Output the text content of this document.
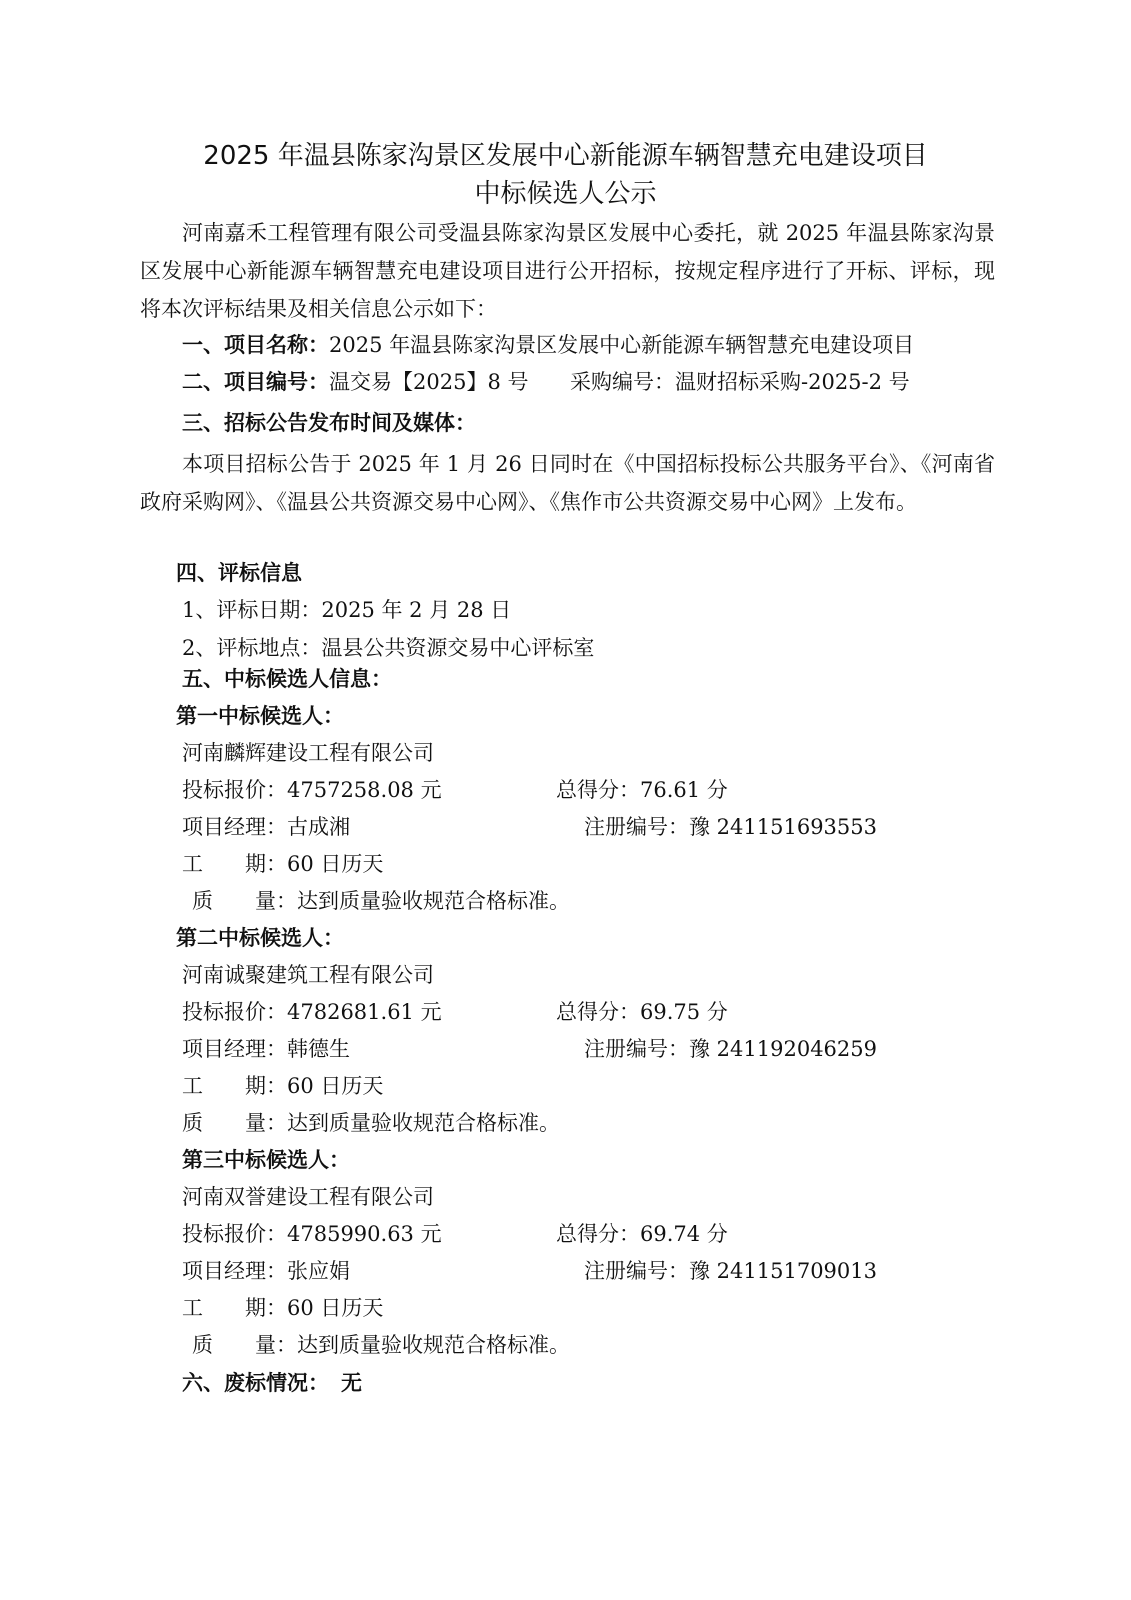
2025 年温县陈家沟景区发展中心新能源车辆智慧充电建设项目
中标候选人公示
河南嘉禾工程管理有限公司受温县陈家沟景区发展中心委托，就 2025 年温县陈家沟景区发展中心新能源车辆智慧充电建设项目进行公开招标，按规定程序进行了开标、评标，现将本次评标结果及相关信息公示如下：
一、项目名称：2025 年温县陈家沟景区发展中心新能源车辆智慧充电建设项目
二、项目编号：温交易【2025】8 号 采购编号：温财招标采购-2025-2 号
三、招标公告发布时间及媒体：
本项目招标公告于 2025 年 1 月 26 日同时在《中国招标投标公共服务平台》、《河南省政府采购网》、《温县公共资源交易中心网》、《焦作市公共资源交易中心网》上发布。
四、评标信息
1、评标日期：2025 年 2 月 28 日
2、评标地点：温县公共资源交易中心评标室
五、中标候选人信息：
第一中标候选人：
河南麟辉建设工程有限公司
投标报价：4757258.08 元	总得分：76.61 分
项目经理：古成湘	注册编号：豫 241151693553
工　　期：60 日历天
质　　量：达到质量验收规范合格标准。
第二中标候选人：
河南诚聚建筑工程有限公司
投标报价：4782681.61 元	总得分：69.75 分
项目经理：韩德生	注册编号：豫 241192046259
工　　期：60 日历天
质　　量：达到质量验收规范合格标准。
第三中标候选人：
河南双誉建设工程有限公司
投标报价：4785990.63 元	总得分：69.74 分
项目经理：张应娟	注册编号：豫 241151709013
工　　期：60 日历天
质　　量：达到质量验收规范合格标准。
六、废标情况： 无
